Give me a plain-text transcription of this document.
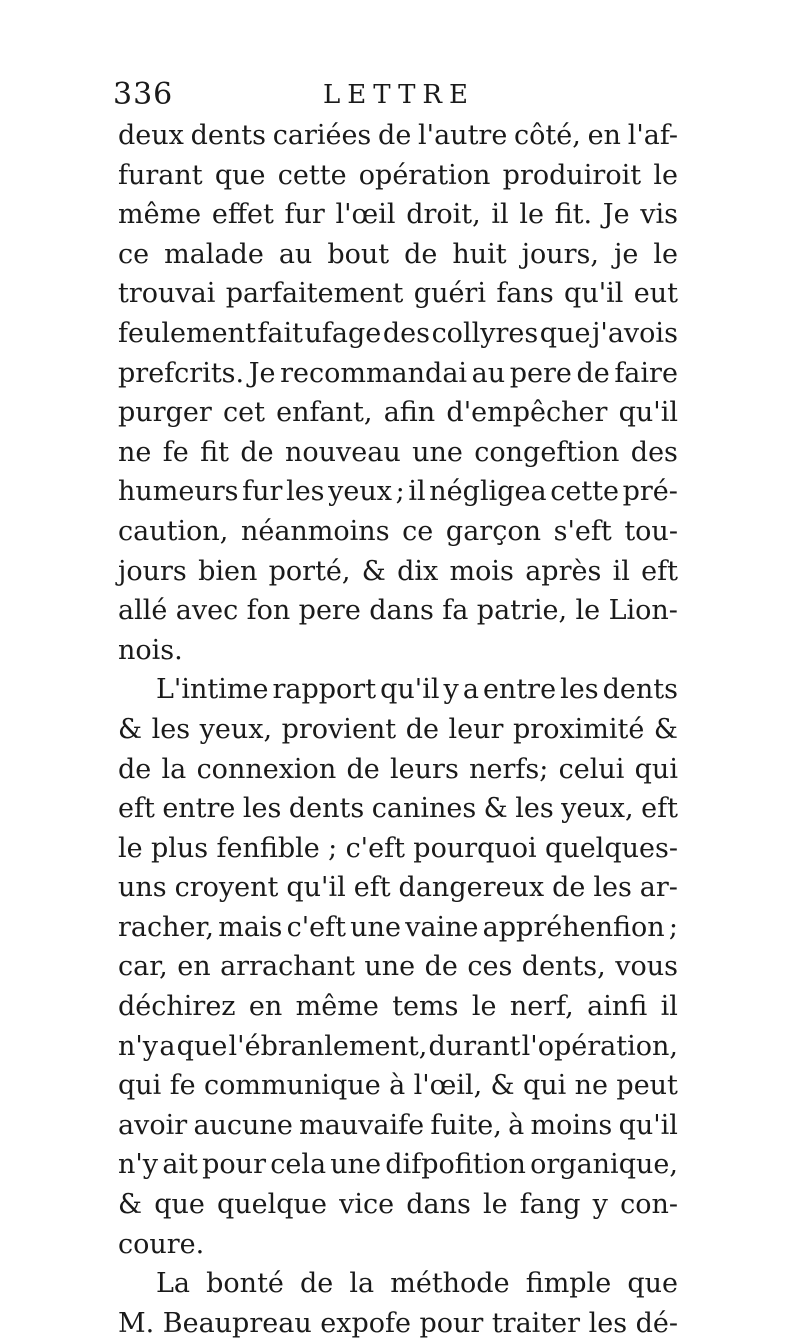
336	LETTRE
deux dents cariées de l'autre côté, en l'af-
furant que cette opération produiroit le
même effet fur l'œil droit, il le fit. Je vis
ce malade au bout de huit jours, je le
trouvai parfaitement guéri fans qu'il eut
feulement fait ufage des collyres que j'avois
prefcrits. Je recommandai au pere de faire
purger cet enfant, afin d'empêcher qu'il
ne fe fit de nouveau une congeftion des
humeurs fur les yeux ; il négligea cette pré-
caution, néanmoins ce garçon s'eft tou-
jours bien porté, & dix mois après il eft
allé avec fon pere dans fa patrie, le Lion-
nois.
L'intime rapport qu'il y a entre les dents
& les yeux, provient de leur proximité &
de la connexion de leurs nerfs; celui qui
eft entre les dents canines & les yeux, eft
le plus fenfible ; c'eft pourquoi quelques-
uns croyent qu'il eft dangereux de les ar-
racher, mais c'eft une vaine appréhenfion ;
car, en arrachant une de ces dents, vous
déchirez en même tems le nerf, ainfi il
n'y a que l'ébranlement, durant l'opération,
qui fe communique à l'œil, & qui ne peut
avoir aucune mauvaife fuite, à moins qu'il
n'y ait pour cela une difpofition organique,
& que quelque vice dans le fang y con-
coure.
La bonté de la méthode fimple que
M. Beaupreau expofe pour traiter les dé-
